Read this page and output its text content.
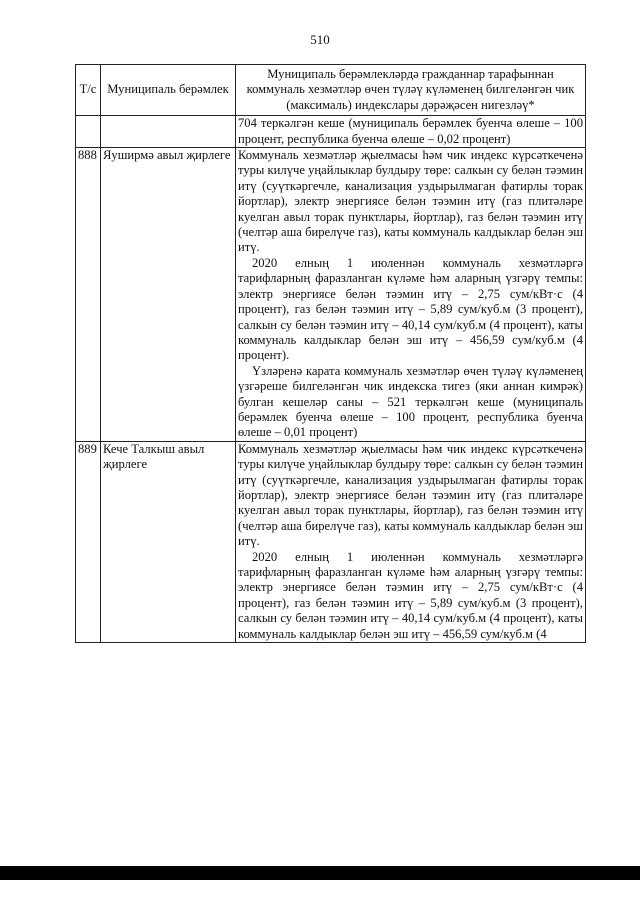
510
Т/с	Муниципаль берәмлек	Муниципаль берәмлекләрдә гражданнар тарафыннан коммуналь хезмәтләр өчен түләү күләменең билгеләнгән чик (максималь) индекслары дәрәҗәсен нигезләү*
		704 теркәлгән кеше (муниципаль берәмлек буенча өлеше – 100 процент, республика буенча өлеше – 0,02 процент)
888	Яуширмә авыл җирлеге	Коммуналь хезмәтләр җыелмасы һәм чик индекс күрсәткеченә туры килүче уңайлыклар булдыру төре: салкын су белән тәэмин итү (суүткәргечле, канализация уздырылмаган фатирлы торак йортлар), электр энергиясе белән тәэмин итү (газ плитәләре куелган авыл торак пунктлары, йортлар), газ белән тәэмин итү (челтәр аша бирелүче газ), каты коммуналь калдыклар белән эш итү.
2020 елның 1 июленнән коммуналь хезмәтләргә тарифларның фаразланган күләме һәм аларның үзгәрү темпы: электр энергиясе белән тәэмин итү – 2,75 сум/кВт·с (4 процент), газ белән тәэмин итү – 5,89 сум/куб.м (3 процент), салкын су белән тәэмин итү – 40,14 сум/куб.м (4 процент), каты коммуналь калдыклар белән эш итү – 456,59 сум/куб.м (4 процент).
Үзләренә карата коммуналь хезмәтләр өчен түләү күләменең үзгәреше билгеләнгән чик индекска тигез (яки аннан кимрәк) булган кешеләр саны – 521 теркәлгән кеше (муниципаль берәмлек буенча өлеше – 100 процент, республика буенча өлеше – 0,01 процент)

889	Кече Талкыш авыл җирлеге	Коммуналь хезмәтләр җыелмасы һәм чик индекс күрсәткеченә туры килүче уңайлыклар булдыру төре: салкын су белән тәэмин итү (суүткәргечле, канализация уздырылмаган фатирлы торак йортлар), электр энергиясе белән тәэмин итү (газ плитәләре куелган авыл торак пунктлары, йортлар), газ белән тәэмин итү (челтәр аша бирелүче газ), каты коммуналь калдыклар белән эш итү.
2020 елның 1 июленнән коммуналь хезмәтләргә тарифларның фаразланган күләме һәм аларның үзгәрү темпы: электр энергиясе белән тәэмин итү – 2,75 сум/кВт·с (4 процент), газ белән тәэмин итү – 5,89 сум/куб.м (3 процент), салкын су белән тәэмин итү – 40,14 сум/куб.м (4 процент), каты коммуналь калдыклар белән эш итү – 456,59 сум/куб.м (4
